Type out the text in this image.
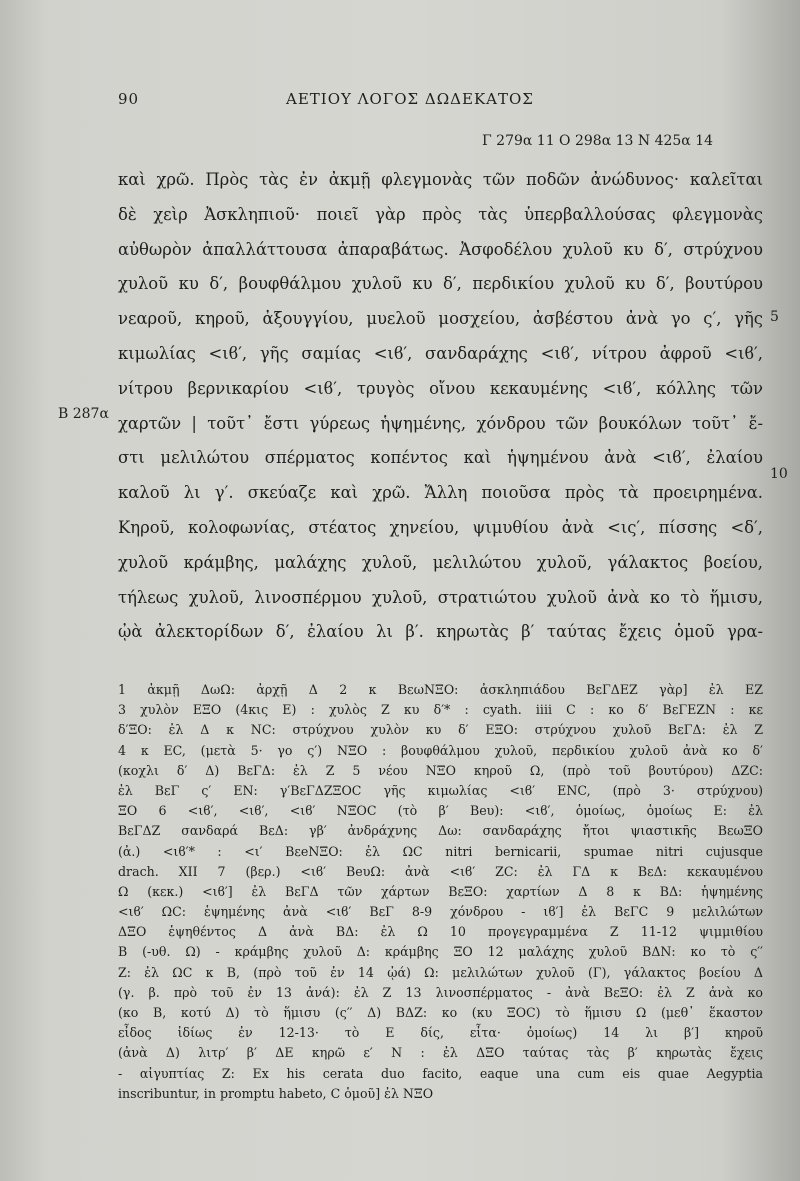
90	ΑΕΤΙΟΥ ΛΟΓΟΣ ΔΩΔΕΚΑΤΟΣ
Γ 279α 11 Ο 298α 13 Ν 425α 14
Β 287α
5
10
καὶ χρῶ. Πρὸς τὰς ἐν ἀκμῇ φλεγμονὰς τῶν ποδῶν ἀνώδυνος· καλεῖται
δὲ χεὶρ Ἀσκληπιοῦ· ποιεῖ γὰρ πρὸς τὰς ὑπερβαλλούσας φλεγμονὰς
αὐθωρὸν ἀπαλλάττουσα ἀπαραβάτως. Ἀσφοδέλου χυλοῦ κυ δ′, στρύχνου
χυλοῦ κυ δ′, βουφθάλμου χυλοῦ κυ δ′, περδικίου χυλοῦ κυ δ′, βουτύρου
νεαροῦ, κηροῦ, ἀξουγγίου, μυελοῦ μοσχείου, ἀσβέστου ἀνὰ γο ς′, γῆς
κιμωλίας <ιϐ′, γῆς σαμίας <ιϐ′, σανδαράχης <ιϐ′, νίτρου ἀφροῦ <ιϐ′,
νίτρου βερνικαρίου <ιϐ′, τρυγὸς οἴνου κεκαυμένης <ιϐ′, κόλλης τῶν
χαρτῶν | τοῦτ᾽ ἔστι γύρεως ἡψημένης, χόνδρου τῶν βουκόλων τοῦτ᾽ ἔ-
στι μελιλώτου σπέρματος κοπέντος καὶ ἡψημένου ἀνὰ <ιϐ′, ἐλαίου
καλοῦ λι γ′. σκεύαζε καὶ χρῶ. Ἄλλη ποιοῦσα πρὸς τὰ προειρημένα.
Κηροῦ, κολοφωνίας, στέατος χηνείου, ψιμυθίου ἀνὰ <ις′, πίσσης <δ′,
χυλοῦ κράμβης, μαλάχης χυλοῦ, μελιλώτου χυλοῦ, γάλακτος βοείου,
τήλεως χυλοῦ, λινοσπέρμου χυλοῦ, στρατιώτου χυλοῦ ἀνὰ κο τὸ ἥμισυ,
ᾠὰ ἀλεκτορίδων δ′, ἐλαίου λι β′. κηρωτὰς β′ ταύτας ἔχεις ὁμοῦ γρα-
1 ἀκμῇ ΔωΩ: ἀρχῇ Δ 2 κ BεωΝΞΟ: ἀσκληπιάδου BεΓΔΕΖ γὰρ] ἐλ ΕΖ
3 χυλὸν ΕΞΟ (4κις Ε) : χυλὸς Ζ κυ δ′* : cyath. iiii C : κο δ′ BεΓΕΖΝ : κε
δ′ΞΟ: ἐλ Δ κ ΝC: στρύχνου χυλὸν κυ δ′ ΕΞΟ: στρύχνου χυλοῦ BεΓΔ: ἐλ Ζ
4 κ ΕC, (μετὰ 5· γο ς′) ΝΞΟ : βουφθάλμου χυλοῦ, περδικίου χυλοῦ ἀνὰ κο δ′
(κοχλι δ′ Δ) BεΓΔ: ἐλ Ζ 5 νέου ΝΞΟ κηροῦ Ω, (πρὸ τοῦ βουτύρου) ΔΖC:
ἐλ BεΓ ς′ ΕΝ: γ′BεΓΔΖΞΟC γῆς κιμωλίας <ιϐ′ ΕΝC, (πρὸ 3· στρύχνου)
ΞΟ 6 <ιϐ′, <ιϐ′, <ιϐ′ ΝΞΟC (τὸ β′ Beυ): <ιϐ′, ὁμοίως, ὁμοίως Ε: ἐλ
BεΓΔΖ σανδαρά BεΔ: γβ′ ἀνδράχνης Δω: σανδαράχης ἤτοι ψιαστικῆς BεωΞΟ
(ἀ.) <ιϐ′* : <ι′ BεeΝΞΟ: ἐλ ΩC nitri bernicarii, spumae nitri cujusque
drach. XII 7 (βερ.) <ιϐ′ BeυΩ: ἀνὰ <ιϐ′ ΖC: ἐλ ΓΔ κ BεΔ: κεκαυμένου
Ω (κεκ.) <ιϐ′] ἐλ BεΓΔ τῶν χάρτων BεΞΟ: χαρτίων Δ 8 κ ΒΔ: ἡψημένης
<ιϐ′ ΩC: ἑψημένης ἀνὰ <ιϐ′ BεΓ 8-9 χόνδρου - ιϐ′] ἐλ BεΓC 9 μελιλώτων
ΔΞΟ ἑψηθέντος Δ ἀνὰ ΒΔ: ἐλ Ω 10 προγεγραμμένα Ζ 11-12 ψιμμιθίου
B (-υθ. Ω) - κράμβης χυλοῦ Δ: κράμβης ΞΟ 12 μαλάχης χυλοῦ ΒΔΝ: κο τὸ ς′′
Ζ: ἐλ ΩC κ Β, (πρὸ τοῦ ἐν 14 ᾠά) Ω: μελιλώτων χυλοῦ (Γ), γάλακτος βοείου Δ
(γ. β. πρὸ τοῦ ἐν 13 ἀνά): ἐλ Ζ 13 λινοσπέρματος - ἀνὰ ΒεΞΟ: ἐλ Ζ ἀνὰ κο
(κο Β, κοτύ Δ) τὸ ἥμισυ (ς′′ Δ) ΒΔΖ: κο (κυ ΞΟC) τὸ ἥμισυ Ω (μεθ᾽ ἕκαστον
εἶδος ἰδίως ἐν 12-13· τὸ Ε δίς, εἶτα· ὁμοίως) 14 λι β′] κηροῦ
(ἀνὰ Δ) λιτρ′ β′ ΔΕ κηρῶ ε′ Ν : ἐλ ΔΞΟ ταύτας τὰς β′ κηρωτὰς ἔχεις
- αἰγυπτίας Ζ: Ex his cerata duo facito, eaque una cum eis quae Aegyptia
inscribuntur, in promptu habeto, C ὁμοῦ] ἐλ ΝΞΟ
